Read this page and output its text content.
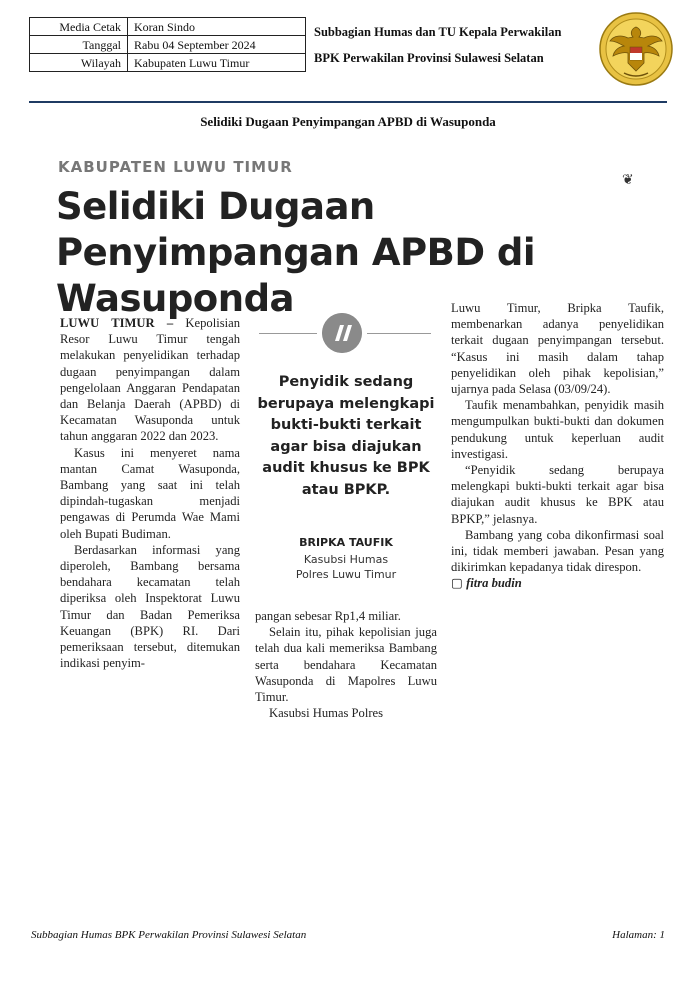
Media Cetak	Koran Sindo
Tanggal	Rabu 04 September 2024
Wilayah	Kabupaten Luwu Timur
Subbagian Humas dan TU Kepala Perwakilan
BPK Perwakilan Provinsi Sulawesi Selatan
Selidiki Dugaan Penyimpangan APBD di Wasuponda
KABUPATEN LUWU TIMUR
❦
Selidiki Dugaan Penyimpangan APBD di Wasuponda

LUWU TIMUR – Kepolisian Resor Luwu Timur tengah melakukan penyelidikan terhadap dugaan penyimpangan dalam pengelolaan Anggaran Pendapatan dan Belanja Daerah (APBD) di Kecamatan Wasuponda untuk tahun anggaran 2022 dan 2023.

Kasus ini menyeret nama mantan Camat Wasuponda, Bambang yang saat ini telah dipindah-tugaskan menjadi pengawas di Perumda Wae Mami oleh Bupati Budiman.

Berdasarkan informasi yang diperoleh, Bambang bersama bendahara kecamatan telah diperiksa oleh Inspektorat Luwu Timur dan Badan Pemeriksa Keuangan (BPK) RI. Dari pemeriksaan tersebut, ditemukan indikasi penyim-

Penyidik sedang berupaya melengkapi bukti-bukti terkait agar bisa diajukan audit khusus ke BPK atau BPKP.
BRIPKA TAUFIK
Kasubsi Humas
Polres Luwu Timur

pangan sebesar Rp1,4 miliar.

Selain itu, pihak kepolisian juga telah dua kali memeriksa Bambang serta bendahara Kecamatan Wasuponda di Mapolres Luwu Timur.

Kasubsi Humas Polres

Luwu Timur, Bripka Taufik, membenarkan adanya penyelidikan terkait dugaan penyimpangan tersebut. “Kasus ini masih dalam tahap penyelidikan oleh pihak kepolisian,” ujarnya pada Selasa (03/09/24).

Taufik menambahkan, penyidik masih mengumpulkan bukti-bukti dan dokumen pendukung untuk keperluan audit investigasi.

“Penyidik sedang berupaya melengkapi bukti-bukti terkait agar bisa diajukan audit khusus ke BPK atau BPKP,” jelasnya.

Bambang yang coba dikonfirmasi soal ini, tidak memberi jawaban. Pesan yang dikirimkan kepadanya tidak direspon.

▢ fitra budin

Subbagian Humas BPK Perwakilan Provinsi Sulawesi Selatan	Halaman: 1
